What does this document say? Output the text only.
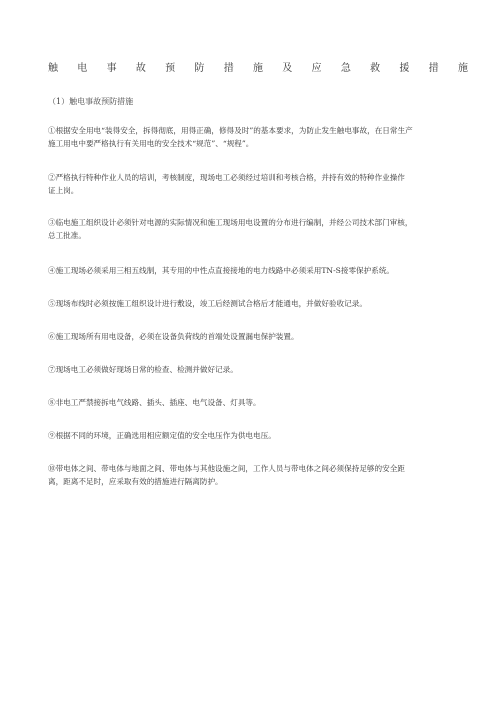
触 电 事 故 预 防 措 施 及 应 急 救 援 措 施
（1）触电事故预防措施
①根据安全用电“装得安全，拆得彻底，用得正确，修得及时”的基本要求，为防止发生触电事故，在日常生产
施工用电中要严格执行有关用电的安全技术“规范”、“规程”。
②严格执行特种作业人员的培训，考核制度，现场电工必须经过培训和考核合格，并持有效的特种作业操作
证上岗。
③临电施工组织设计必须针对电源的实际情况和施工现场用电设置的分布进行编制，并经公司技术部门审核，
总工批准。
④施工现场必须采用三相五线制，其专用的中性点直接接地的电力线路中必须采用TN-S接零保护系统。
⑤现场布线时必须按施工组织设计进行敷设，竣工后经测试合格后才能通电，并做好验收记录。
⑥施工现场所有用电设备，必须在设备负荷线的首端处设置漏电保护装置。
⑦现场电工必须做好现场日常的检查、检测并做好记录。
⑧非电工严禁接拆电气线路、插头、插座、电气设备、灯具等。
⑨根据不同的环境，正确选用相应额定值的安全电压作为供电电压。
⑩带电体之间、带电体与地面之间、带电体与其他设施之间，工作人员与带电体之间必须保持足够的安全距
离，距离不足时，应采取有效的措施进行隔离防护。
